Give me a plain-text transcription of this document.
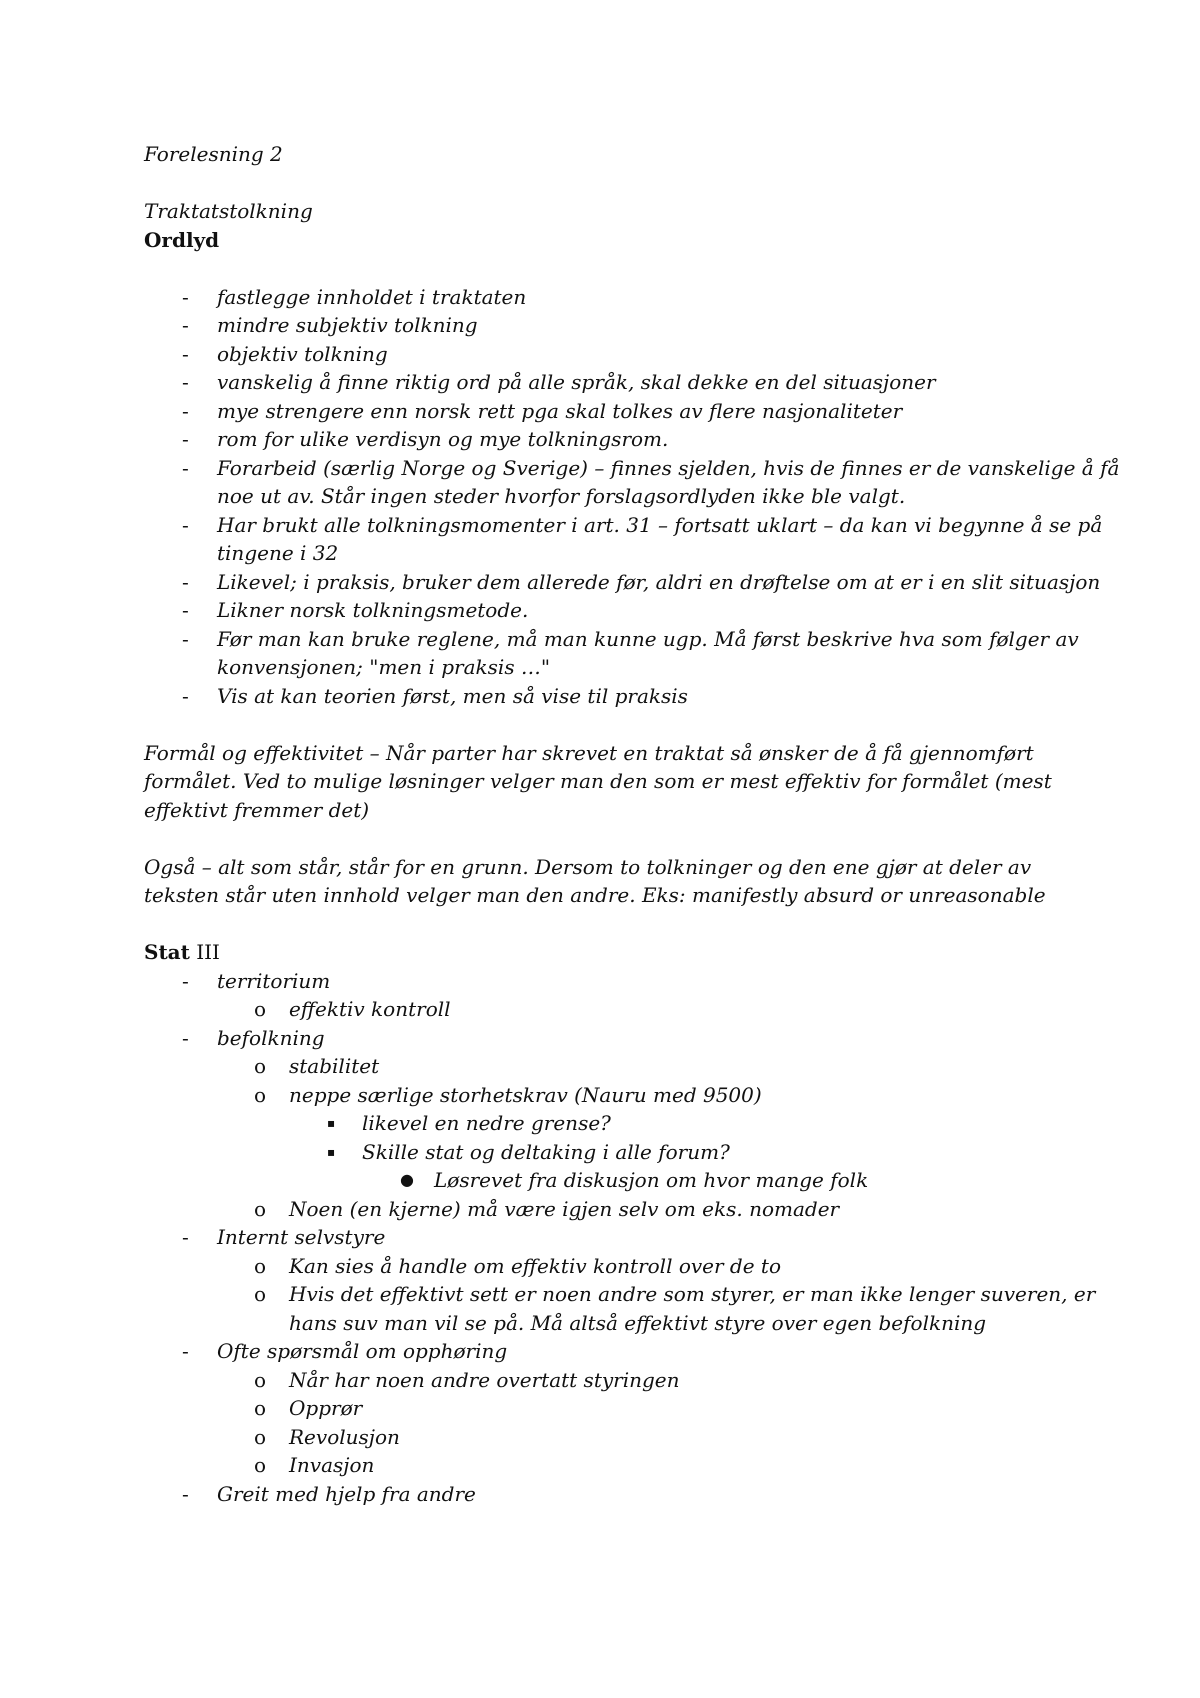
Forelesning 2
Traktatstolkning
Ordlyd
- fastlegge innholdet i traktaten
- mindre subjektiv tolkning
- objektiv tolkning
- vanskelig å finne riktig ord på alle språk, skal dekke en del situasjoner
- mye strengere enn norsk rett pga skal tolkes av flere nasjonaliteter
- rom for ulike verdisyn og mye tolkningsrom.
- Forarbeid (særlig Norge og Sverige) – finnes sjelden, hvis de finnes er de vanskelige å få noe ut av. Står ingen steder hvorfor forslagsordlyden ikke ble valgt.
- Har brukt alle tolkningsmomenter i art. 31 – fortsatt uklart – da kan vi begynne å se på tingene i 32
- Likevel; i praksis, bruker dem allerede før, aldri en drøftelse om at er i en slit situasjon
- Likner norsk tolkningsmetode.
- Før man kan bruke reglene, må man kunne ugp. Må først beskrive hva som følger av konvensjonen; "men i praksis …"
- Vis at kan teorien først, men så vise til praksis

Formål og effektivitet – Når parter har skrevet en traktat så ønsker de å få gjennomført formålet. Ved to mulige løsninger velger man den som er mest effektiv for formålet (mest effektivt fremmer det)

Også – alt som står, står for en grunn. Dersom to tolkninger og den ene gjør at deler av teksten står uten innhold velger man den andre. Eks: manifestly absurd or unreasonable

Stat III
- territorium
o effektiv kontroll
- befolkning
o stabilitet
o neppe særlige storhetskrav (Nauru med 9500)
▪ likevel en nedre grense?
▪ Skille stat og deltaking i alle forum?
● Løsrevet fra diskusjon om hvor mange folk
o Noen (en kjerne) må være igjen selv om eks. nomader
- Internt selvstyre
o Kan sies å handle om effektiv kontroll over de to
o Hvis det effektivt sett er noen andre som styrer, er man ikke lenger suveren, er hans suv man vil se på. Må altså effektivt styre over egen befolkning
- Ofte spørsmål om opphøring
o Når har noen andre overtatt styringen
o Opprør
o Revolusjon
o Invasjon
- Greit med hjelp fra andre
